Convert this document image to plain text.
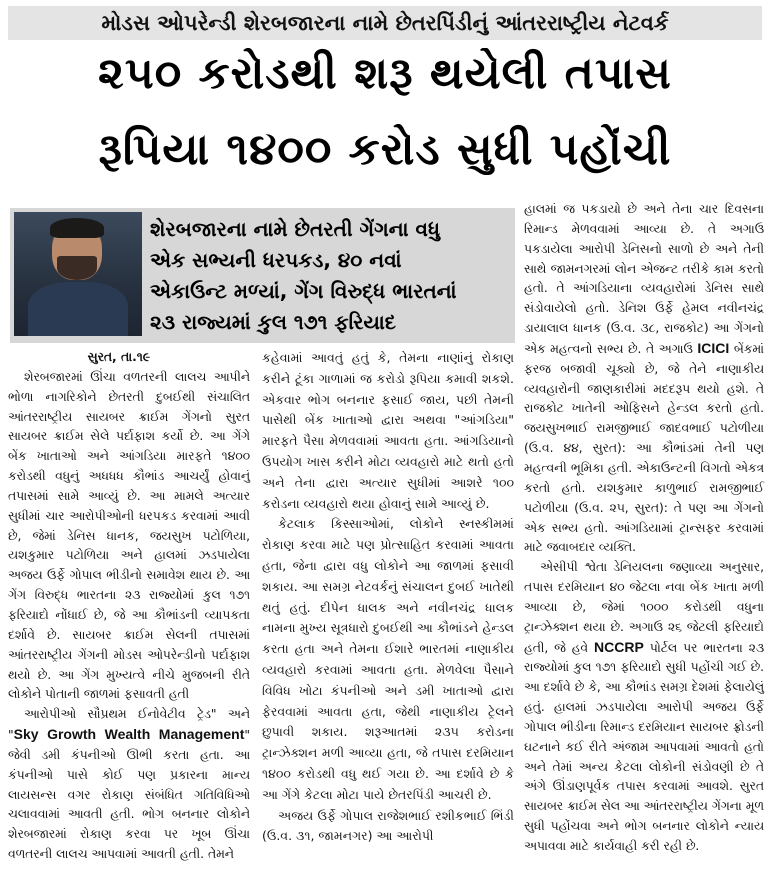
મોડસ ઓપરેન્ડી શેરબજારના નામે છેતરપિંડીનું આંતરરાષ્ટ્રીય નેટવર્ક
૨૫૦ કરોડથી શરૂ થયેલી તપાસ
રૂપિયા ૧૪૦૦ કરોડ સુધી પહોંચી
શેરબજારના નામે છેતરતી ગેંગના વધુ
એક સભ્યની ધરપકડ, ૪૦ નવાં
એકાઉન્ટ મળ્યાં, ગેંગ વિરુદ્ધ ભારતનાં
૨૩ રાજ્યમાં કુલ ૧૭૧ ફરિયાદ
સુરત, તા.૧૯

શેરબજારમાં ઊંચા વળતરની લાલચ આપીને ભોળા નાગરિકોને છેતરતી દુબઈથી સંચાલિત આંતરરાષ્ટ્રીય સાયબર ક્રાઈમ ગેંગનો સુરત સાયબર ક્રાઈમ સેલે પર્દાફાશ કર્યો છે. આ ગેંગે બેંક ખાતાઓ અને આંગડિયા મારફતે ૧૪૦૦ કરોડથી વધુનું અધધધ કૌભાંડ આચર્યું હોવાનું તપાસમાં સામે આવ્યું છે. આ મામલે અત્યાર સુધીમાં ચાર આરોપીઓની ધરપકડ કરવામાં આવી છે, જેમાં ડેનિસ ધાનક, જયસુખ પટોળિયા, યશકુમાર પટોળિયા અને હાલમાં ઝડપાયેલા અજય ઉર્ફે ગોપાલ ભીડીનો સમાવેશ થાય છે. આ ગેંગ વિરુદ્ધ ભારતના ૨૩ રાજ્યોમાં કુલ ૧૭૧ ફરિયાદો નોંધાઈ છે, જે આ કૌભાંડની વ્યાપકતા દર્શાવે છે. સાયબર ક્રાઈમ સેલની તપાસમાં આંતરરાષ્ટ્રીય ગેંગની મોડસ ઓપરેન્ડીનો પર્દાફાશ થયો છે. આ ગેંગ મુખ્યત્વે નીચે મુજબની રીતે લોકોને પોતાની જાળમાં ફસાવતી હતી

આરોપીઓ સૌપ્રથમ ઈનોવેટીવ ટ્રેડ" અને "Sky Growth Wealth Management" જેવી ડમી કંપનીઓ ઊભી કરતા હતા. આ કંપનીઓ પાસે કોઈ પણ પ્રકારના માન્ય લાયસન્સ વગર રોકાણ સંબંધિત ગતિવિધિઓ ચલાવવામાં આવતી હતી. ભોગ બનનાર લોકોને શેરબજારમાં રોકાણ કરવા પર ખૂબ ઊંચા વળતરની લાલચ આપવામાં આવતી હતી. તેમને

કહેવામાં આવતું હતું કે, તેમના નાણાંનું રોકાણ કરીને ટૂંકા ગાળામાં જ કરોડો રૂપિયા કમાવી શકશે. એકવાર ભોગ બનનાર ફસાઈ જાય, પછી તેમની પાસેથી બેંક ખાતાઓ દ્વારા અથવા "આંગડિયા" મારફતે પૈસા મેળવવામાં આવતા હતા. આંગડિયાનો ઉપયોગ ખાસ કરીને મોટા વ્યવહારો માટે થતો હતો અને તેના દ્વારા અત્યાર સુધીમાં આશરે ૧૦૦ કરોડના વ્યવહારો થયા હોવાનું સામે આવ્યું છે.

કેટલાક કિસ્સાઓમાં, લોકોને સ્નસ્કીમમાં રોકાણ કરવા માટે પણ પ્રોત્સાહિત કરવામાં આવતા હતા, જેના દ્વારા વધુ લોકોને આ જાળમાં ફસાવી શકાય. આ સમગ્ર નેટવર્કનું સંચાલન દુબઈ ખાતેથી થતું હતું. દીપેન ધાલક અને નવીનચંદ્ર ધાલક નામના મુખ્ય સૂત્રધારો દુબઈથી આ કૌભાંડને હેન્ડલ કરતા હતા અને તેમના ઈશારે ભારતમાં નાણાકીય વ્યવહારો કરવામાં આવતા હતા. મેળવેલા પૈસાને વિવિધ ખોટા કંપનીઓ અને ડમી ખાતાઓ દ્વારા ફેરવવામાં આવતા હતા, જેથી નાણાકીય ટ્રેલને છુપાવી શકાય. શરૂઆતમાં ૨૩૫ કરોડના ટ્રાન્ઝેક્શન મળી આવ્યા હતા, જે તપાસ દરમિયાન ૧૪૦૦ કરોડથી વધુ થઈ ગયા છે. આ દર્શાવે છે કે આ ગેંગે કેટલા મોટા પાયે છેતરપિંડી આચરી છે.

અજય ઉર્ફે ગોપાલ રાજેશભાઈ રશીકભાઈ ભિંડી (ઉ.વ. ૩૧, જામનગર) આ આરોપી

હાલમાં જ પકડાયો છે અને તેના ચાર દિવસના રિમાન્ડ મેળવવામાં આવ્યા છે. તે અગાઉ પકડાયેલા આરોપી ડેનિસનો સાળો છે અને તેની સાથે જામનગરમાં લોન એજન્ટ તરીકે કામ કરતો હતો. તે આંગડિયાના વ્યવહારોમાં ડેનિસ સાથે સંડોવાયેલો હતો. ડેનિશ ઉર્ફે હેમલ નવીનચંદ્ર ડાયાલાલ ધાનક (ઉ.વ. ૩૮, રાજકોટ) આ ગેંગનો એક મહત્વનો સભ્ય છે. તે અગાઉ ICICI બેંકમાં ફરજ બજાવી ચૂક્યો છે, જે તેને નાણાકીય વ્યવહારોની જાણકારીમાં મદદરૂપ થયો હશે. તે રાજકોટ ખાતેની ઓફિસને હેન્ડલ કરતો હતો. જયસુખભાઈ રામજીભાઈ જાદવભાઈ પટોળીયા (ઉ.વ. ૪૪, સુરત): આ કૌભાંડમાં તેની પણ મહત્વની ભૂમિકા હતી. એકાઉન્ટની વિગતો એકત્ર કરતો હતો. યશકુમાર કાળુભાઈ રામજીભાઈ પટોળીયા (ઉ.વ. ૨૫, સુરત): તે પણ આ ગેંગનો એક સભ્ય હતો. આંગડિયામાં ટ્રાન્સફર કરવામાં માટે જવાબદાર વ્યક્તિ.

એસીપી શ્વેતા ડેનિયલના જણાવ્યા અનુસાર, તપાસ દરમિયાન ૪૦ જેટલા નવા બેંક ખાતા મળી આવ્યા છે, જેમાં ૧૦૦૦ કરોડથી વધુના ટ્રાન્ઝેક્શન થયા છે. અગાઉ ૨૬ જેટલી ફરિયાદો હતી, જે હવે NCCRP પોર્ટલ પર ભારતના ૨૩ રાજ્યોમાં કુલ ૧૭૧ ફરિયાદો સુધી પહોંચી ગઈ છે. આ દર્શાવે છે કે, આ કૌભાંડ સમગ્ર દેશમાં ફેલાયેલું હતું. હાલમાં ઝડપાયેલા આરોપી અજય ઉર્ફે ગોપાલ ભીડીના રિમાન્ડ દરમિયાન સાયબર ફ્રોડની ઘટનાને કઈ રીતે અંજામ આપવામાં આવતો હતો અને તેમાં અન્ય કેટલા લોકોની સંડોવણી છે તે અંગે ઊંડાણપૂર્વક તપાસ કરવામાં આવશે. સુરત સાયબર ક્રાઈમ સેલ આ આંતરરાષ્ટ્રીય ગેંગના મૂળ સુધી પહોંચવા અને ભોગ બનનાર લોકોને ન્યાય અપાવવા માટે કાર્યવાહી કરી રહી છે.
